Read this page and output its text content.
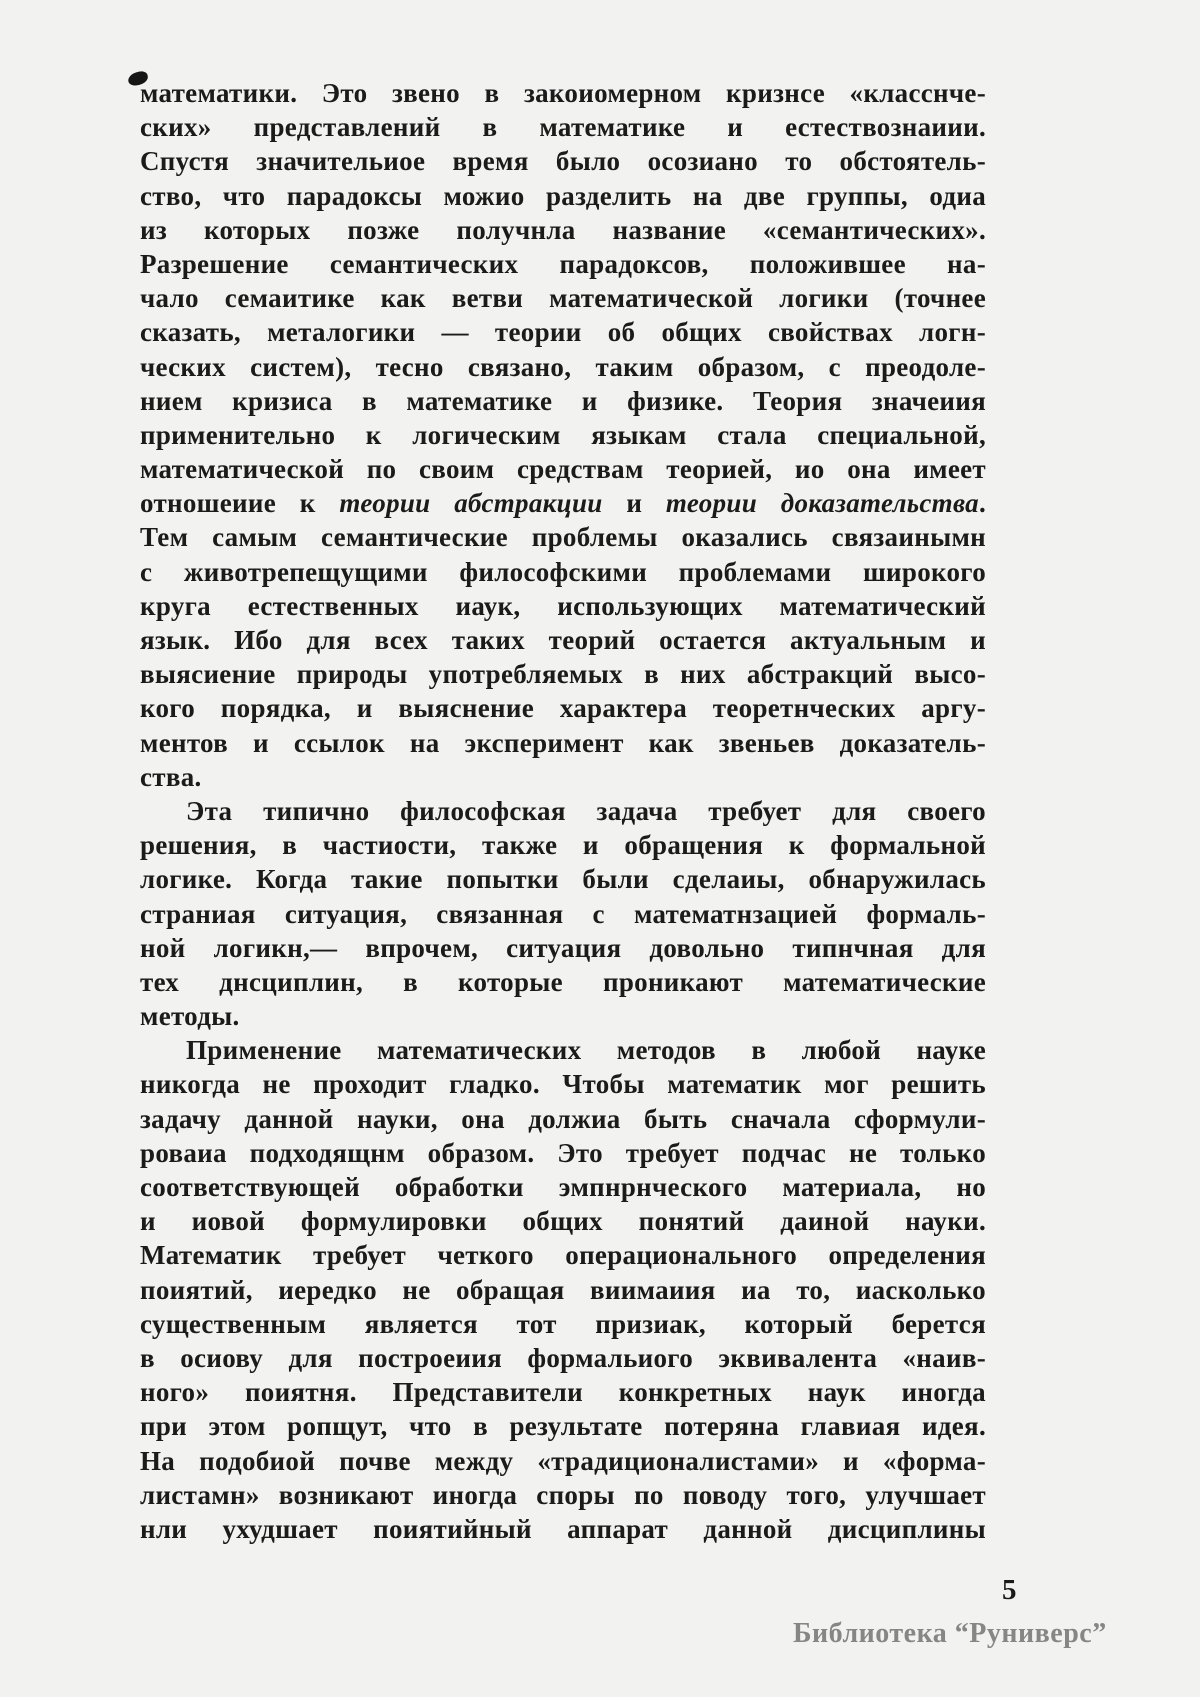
математики. Это звено в закоиомерном кризнсе «класснче-
ских» представлений в математике и естествознаиии.
Спустя значительиое время было осозиано то обстоятель-
ство, что парадоксы можио разделить на две группы, одиа
из которых позже получнла название «семантических».
Разрешение семантических парадоксов, положившее на-
чало семаитике как ветви математической логики (точнее
сказать, металогики — теории об общих свойствах логн-
ческих систем), тесно связано, таким образом, с преодоле-
нием кризиса в математике и физике. Теория значеиия
применительно к логическим языкам стала специальной,
математической по своим средствам теорией, ио она имеет
отношеиие к теории абстракции и теории доказательства.
Тем самым семантические проблемы оказались связаинымн
с животрепещущими философскими проблемами широкого
круга естественных иаук, использующих математический
язык. Ибо для всех таких теорий остается актуальным и
выясиение природы употребляемых в них абстракций высо-
кого порядка, и выяснение характера теоретнческих аргу-
ментов и ссылок на эксперимент как звеньев доказатель-
ства.
Эта типично философская задача требует для своего
решения, в частиости, также и обращения к формальной
логике. Когда такие попытки были сделаиы, обнаружилась
страниая ситуация, связанная с математнзацией формаль-
ной логикн,— впрочем, ситуация довольно типнчная для
тех днсциплин, в которые проникают математические
методы.
Применение математических методов в любой науке
никогда не проходит гладко. Чтобы математик мог решить
задачу данной науки, она должиа быть сначала сформули-
роваиа подходящнм образом. Это требует подчас не только
соответствующей обработки эмпнрнческого материала, но
и иовой формулировки общих понятий даиной науки.
Математик требует четкого операционального определения
поиятий, иередко не обращая виимаиия иа то, иасколько
существенным является тот призиак, который берется
в осиову для построеиия формальиого эквивалента «наив-
ного» поиятня. Представители конкретных наук иногда
при этом ропщут, что в результате потеряна главиая идея.
На подобиой почве между «традиционалистами» и «форма-
листамн» возникают иногда споры по поводу того, улучшает
нли ухудшает поиятийный аппарат данной дисциплины
5
Библиотека “Руниверс”
